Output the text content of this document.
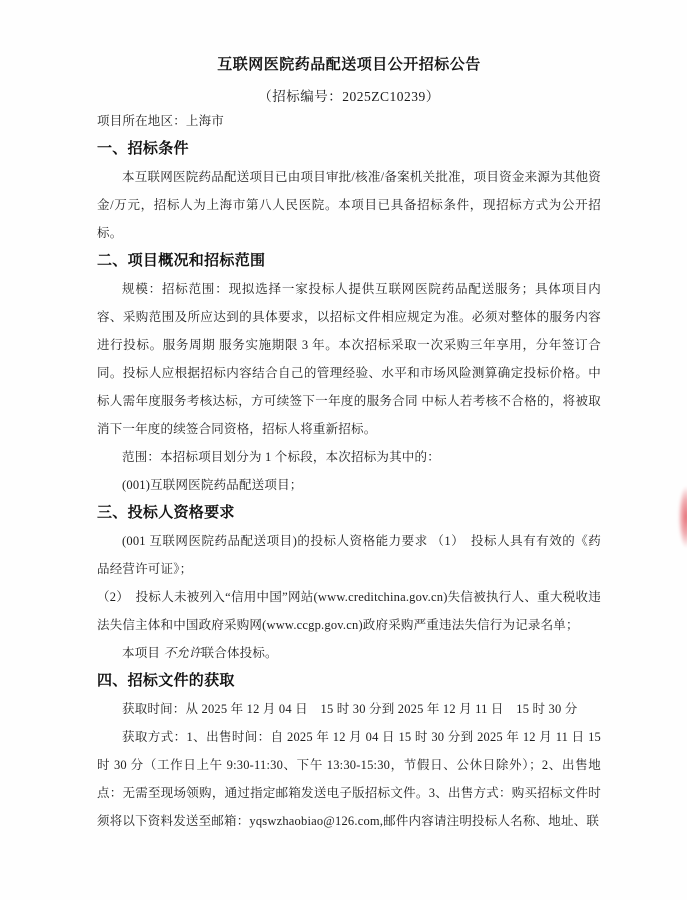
互联网医院药品配送项目公开招标公告
（招标编号：2025ZC10239）

项目所在地区：上海市

一、招标条件

本互联网医院药品配送项目已由项目审批/核准/备案机关批准，项目资金来源为其他资金/万元，招标人为上海市第八人民医院。本项目已具备招标条件，现招标方式为公开招标。

二、项目概况和招标范围

规模：招标范围：现拟选择一家投标人提供互联网医院药品配送服务；具体项目内容、采购范围及所应达到的具体要求，以招标文件相应规定为准。必须对整体的服务内容进行投标。服务周期 服务实施期限 3 年。本次招标采取一次采购三年享用，分年签订合同。投标人应根据招标内容结合自己的管理经验、水平和市场风险测算确定投标价格。中标人需年度服务考核达标，方可续签下一年度的服务合同 中标人若考核不合格的，将被取消下一年度的续签合同资格，招标人将重新招标。

范围：本招标项目划分为 1 个标段，本次招标为其中的：

(001)互联网医院药品配送项目；

三、投标人资格要求

(001 互联网医院药品配送项目)的投标人资格能力要求 （1）　投标人具有有效的《药品经营许可证》；

（2）　投标人未被列入“信用中国”网站(www.creditchina.gov.cn)失信被执行人、重大税收违法失信主体和中国政府采购网(www.ccgp.gov.cn)政府采购严重违法失信行为记录名单；

本项目 不允许联合体投标。

四、招标文件的获取

获取时间：从 2025 年 12 月 04 日　15 时 30 分到 2025 年 12 月 11 日　15 时 30 分

获取方式：1、出售时间：自 2025 年 12 月 04 日 15 时 30 分到 2025 年 12 月 11 日 15 时 30 分（工作日上午 9:30-11:30、下午 13:30-15:30，节假日、公休日除外）；2、出售地点：无需至现场领购，通过指定邮箱发送电子版招标文件。3、出售方式：购买招标文件时须将以下资料发送至邮箱：yqswzhaobiao@126.com,邮件内容请注明投标人名称、地址、联
